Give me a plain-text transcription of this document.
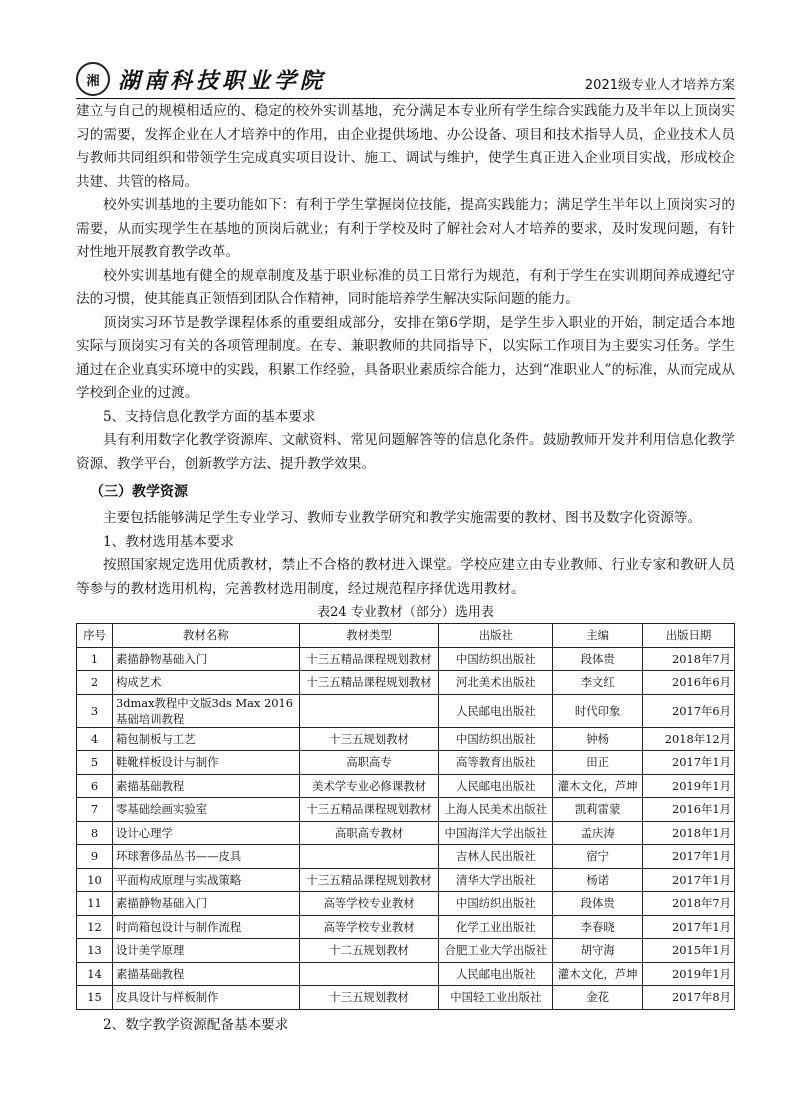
湘 湖南科技职业学院	2021级专业人才培养方案

建立与自己的规模相适应的、稳定的校外实训基地，充分满足本专业所有学生综合实践能力及半年以上顶岗实习的需要，发挥企业在人才培养中的作用，由企业提供场地、办公设备、项目和技术指导人员，企业技术人员与教师共同组织和带领学生完成真实项目设计、施工、调试与维护，使学生真正进入企业项目实战，形成校企共建、共管的格局。

校外实训基地的主要功能如下：有利于学生掌握岗位技能，提高实践能力；满足学生半年以上顶岗实习的需要，从而实现学生在基地的顶岗后就业；有利于学校及时了解社会对人才培养的要求，及时发现问题，有针对性地开展教育教学改革。

校外实训基地有健全的规章制度及基于职业标准的员工日常行为规范，有利于学生在实训期间养成遵纪守法的习惯，使其能真正领悟到团队合作精神，同时能培养学生解决实际问题的能力。

顶岗实习环节是教学课程体系的重要组成部分，安排在第6学期，是学生步入职业的开始，制定适合本地实际与顶岗实习有关的各项管理制度。在专、兼职教师的共同指导下，以实际工作项目为主要实习任务。学生通过在企业真实环境中的实践，积累工作经验，具备职业素质综合能力，达到“准职业人”的标准，从而完成从学校到企业的过渡。

5、支持信息化教学方面的基本要求

具有利用数字化教学资源库、文献资料、常见问题解答等的信息化条件。鼓励教师开发并利用信息化教学资源、教学平台，创新教学方法、提升教学效果。

（三）教学资源

主要包括能够满足学生专业学习、教师专业教学研究和教学实施需要的教材、图书及数字化资源等。

1、教材选用基本要求

按照国家规定选用优质教材，禁止不合格的教材进入课堂。学校应建立由专业教师、行业专家和教研人员等参与的教材选用机构，完善教材选用制度，经过规范程序择优选用教材。

表24 专业教材（部分）选用表
序号	教材名称	教材类型	出版社	主编	出版日期
1	素描静物基础入门	十三五精品课程规划教材	中国纺织出版社	段体贵	2018年7月
2	构成艺术	十三五精品课程规划教材	河北美术出版社	李文红	2016年6月
3	3dmax教程中文版3ds Max 2016基础培训教程		人民邮电出版社	时代印象	2017年6月
4	箱包制板与工艺	十三五规划教材	中国纺织出版社	钟杨	2018年12月
5	鞋靴样板设计与制作	高职高专	高等教育出版社	田正	2017年1月
6	素描基础教程	美术学专业必修课教材	人民邮电出版社	灌木文化，芦坤	2019年1月
7	零基础绘画实验室	十三五精品课程规划教材	上海人民美术出版社	凯莉雷蒙	2016年1月
8	设计心理学	高职高专教材	中国海洋大学出版社	孟庆涛	2018年1月
9	环球奢侈品丛书——皮具		吉林人民出版社	宿宁	2017年1月
10	平面构成原理与实战策略	十三五精品课程规划教材	清华大学出版社	杨诺	2017年1月
11	素描静物基础入门	高等学校专业教材	中国纺织出版社	段体贵	2018年7月
12	时尚箱包设计与制作流程	高等学校专业教材	化学工业出版社	李春晓	2017年1月
13	设计美学原理	十二五规划教材	合肥工业大学出版社	胡守海	2015年1月
14	素描基础教程		人民邮电出版社	灌木文化，芦坤	2019年1月
15	皮具设计与样板制作	十三五规划教材	中国轻工业出版社	金花	2017年8月

2、数字教学资源配备基本要求
